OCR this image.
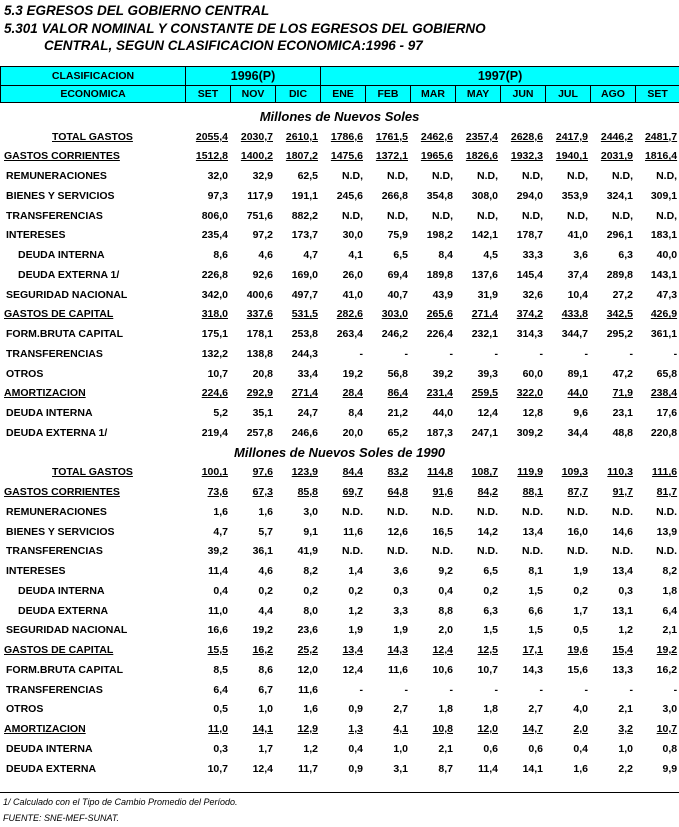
5.3 EGRESOS DEL GOBIERNO CENTRAL
5.301 VALOR NOMINAL Y CONSTANTE DE LOS EGRESOS DEL GOBIERNO
CENTRAL, SEGUN CLASIFICACION ECONOMICA:1996 - 97
CLASIFICACION	1996(P)			1997(P)							
ECONOMICA	SET	NOV	DIC	ENE	FEB	MAR	MAY	JUN	JUL	AGO	SET
Millones de Nuevos Soles											
TOTAL GASTOS	2055,4	2030,7	2610,1	1786,6	1761,5	2462,6	2357,4	2628,6	2417,9	2446,2	2481,7
GASTOS CORRIENTES	1512,8	1400,2	1807,2	1475,6	1372,1	1965,6	1826,6	1932,3	1940,1	2031,9	1816,4
REMUNERACIONES	32,0	32,9	62,5	N.D,	N.D,	N.D,	N.D,	N.D,	N.D,	N.D,	N.D,
BIENES Y SERVICIOS	97,3	117,9	191,1	245,6	266,8	354,8	308,0	294,0	353,9	324,1	309,1
TRANSFERENCIAS	806,0	751,6	882,2	N.D,	N.D,	N.D,	N.D,	N.D,	N.D,	N.D,	N.D,
INTERESES	235,4	97,2	173,7	30,0	75,9	198,2	142,1	178,7	41,0	296,1	183,1
DEUDA INTERNA	8,6	4,6	4,7	4,1	6,5	8,4	4,5	33,3	3,6	6,3	40,0
DEUDA EXTERNA 1/	226,8	92,6	169,0	26,0	69,4	189,8	137,6	145,4	37,4	289,8	143,1
SEGURIDAD NACIONAL	342,0	400,6	497,7	41,0	40,7	43,9	31,9	32,6	10,4	27,2	47,3
GASTOS DE CAPITAL	318,0	337,6	531,5	282,6	303,0	265,6	271,4	374,2	433,8	342,5	426,9
FORM.BRUTA CAPITAL	175,1	178,1	253,8	263,4	246,2	226,4	232,1	314,3	344,7	295,2	361,1
TRANSFERENCIAS	132,2	138,8	244,3	-	-	-	-	-	-	-	-
OTROS	10,7	20,8	33,4	19,2	56,8	39,2	39,3	60,0	89,1	47,2	65,8
AMORTIZACION	224,6	292,9	271,4	28,4	86,4	231,4	259,5	322,0	44,0	71,9	238,4
DEUDA INTERNA	5,2	35,1	24,7	8,4	21,2	44,0	12,4	12,8	9,6	23,1	17,6
DEUDA EXTERNA 1/	219,4	257,8	246,6	20,0	65,2	187,3	247,1	309,2	34,4	48,8	220,8
Millones de Nuevos Soles de 1990											
TOTAL GASTOS	100,1	97,6	123,9	84,4	83,2	114,8	108,7	119,9	109,3	110,3	111,6
GASTOS CORRIENTES	73,6	67,3	85,8	69,7	64,8	91,6	84,2	88,1	87,7	91,7	81,7
REMUNERACIONES	1,6	1,6	3,0	N.D.	N.D.	N.D.	N.D.	N.D.	N.D.	N.D.	N.D.
BIENES Y SERVICIOS	4,7	5,7	9,1	11,6	12,6	16,5	14,2	13,4	16,0	14,6	13,9
TRANSFERENCIAS	39,2	36,1	41,9	N.D.	N.D.	N.D.	N.D.	N.D.	N.D.	N.D.	N.D.
INTERESES	11,4	4,6	8,2	1,4	3,6	9,2	6,5	8,1	1,9	13,4	8,2
DEUDA INTERNA	0,4	0,2	0,2	0,2	0,3	0,4	0,2	1,5	0,2	0,3	1,8
DEUDA EXTERNA	11,0	4,4	8,0	1,2	3,3	8,8	6,3	6,6	1,7	13,1	6,4
SEGURIDAD NACIONAL	16,6	19,2	23,6	1,9	1,9	2,0	1,5	1,5	0,5	1,2	2,1
GASTOS DE CAPITAL	15,5	16,2	25,2	13,4	14,3	12,4	12,5	17,1	19,6	15,4	19,2
FORM.BRUTA CAPITAL	8,5	8,6	12,0	12,4	11,6	10,6	10,7	14,3	15,6	13,3	16,2
TRANSFERENCIAS	6,4	6,7	11,6	-	-	-	-	-	-	-	-
OTROS	0,5	1,0	1,6	0,9	2,7	1,8	1,8	2,7	4,0	2,1	3,0
AMORTIZACION	11,0	14,1	12,9	1,3	4,1	10,8	12,0	14,7	2,0	3,2	10,7
DEUDA INTERNA	0,3	1,7	1,2	0,4	1,0	2,1	0,6	0,6	0,4	1,0	0,8
DEUDA EXTERNA	10,7	12,4	11,7	0,9	3,1	8,7	11,4	14,1	1,6	2,2	9,9
1/ Calculado con el Tipo de Cambio Promedio del Período.
FUENTE: SNE-MEF-SUNAT.
